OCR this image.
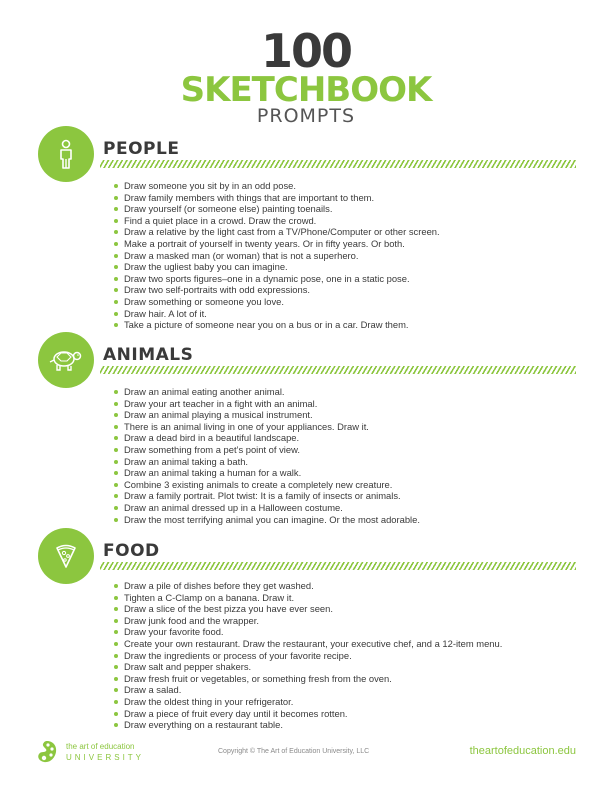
100
SKETCHBOOK
PROMPTS
PEOPLE
Draw someone you sit by in an odd pose.
Draw family members with things that are important to them.
Draw yourself (or someone else) painting toenails.
Find a quiet place in a crowd. Draw the crowd.
Draw a relative by the light cast from a TV/Phone/Computer or other screen.
Make a portrait of yourself in twenty years. Or in fifty years. Or both.
Draw a masked man (or woman) that is not a superhero.
Draw the ugliest baby you can imagine.
Draw two sports figures–one in a dynamic pose, one in a static pose.
Draw two self-portraits with odd expressions.
Draw something or someone you love.
Draw hair. A lot of it.
Take a picture of someone near you on a bus or in a car. Draw them.
ANIMALS
Draw an animal eating another animal.
Draw your art teacher in a fight with an animal.
Draw an animal playing a musical instrument.
There is an animal living in one of your appliances. Draw it.
Draw a dead bird in a beautiful landscape.
Draw something from a pet’s point of view.
Draw an animal taking a bath.
Draw an animal taking a human for a walk.
Combine 3 existing animals to create a completely new creature.
Draw a family portrait. Plot twist: It is a family of insects or animals.
Draw an animal dressed up in a Halloween costume.
Draw the most terrifying animal you can imagine. Or the most adorable.
FOOD
Draw a pile of dishes before they get washed.
Tighten a C-Clamp on a banana. Draw it.
Draw a slice of the best pizza you have ever seen.
Draw junk food and the wrapper.
Draw your favorite food.
Create your own restaurant. Draw the restaurant, your executive chef, and a 12-item menu.
Draw the ingredients or process of your favorite recipe.
Draw salt and pepper shakers.
Draw fresh fruit or vegetables, or something fresh from the oven.
Draw a salad.
Draw the oldest thing in your refrigerator.
Draw a piece of fruit every day until it becomes rotten.
Draw everything on a restaurant table.
the art of education
UNIVERSITY
Copyright © The Art of Education University, LLC	theartofeducation.edu
